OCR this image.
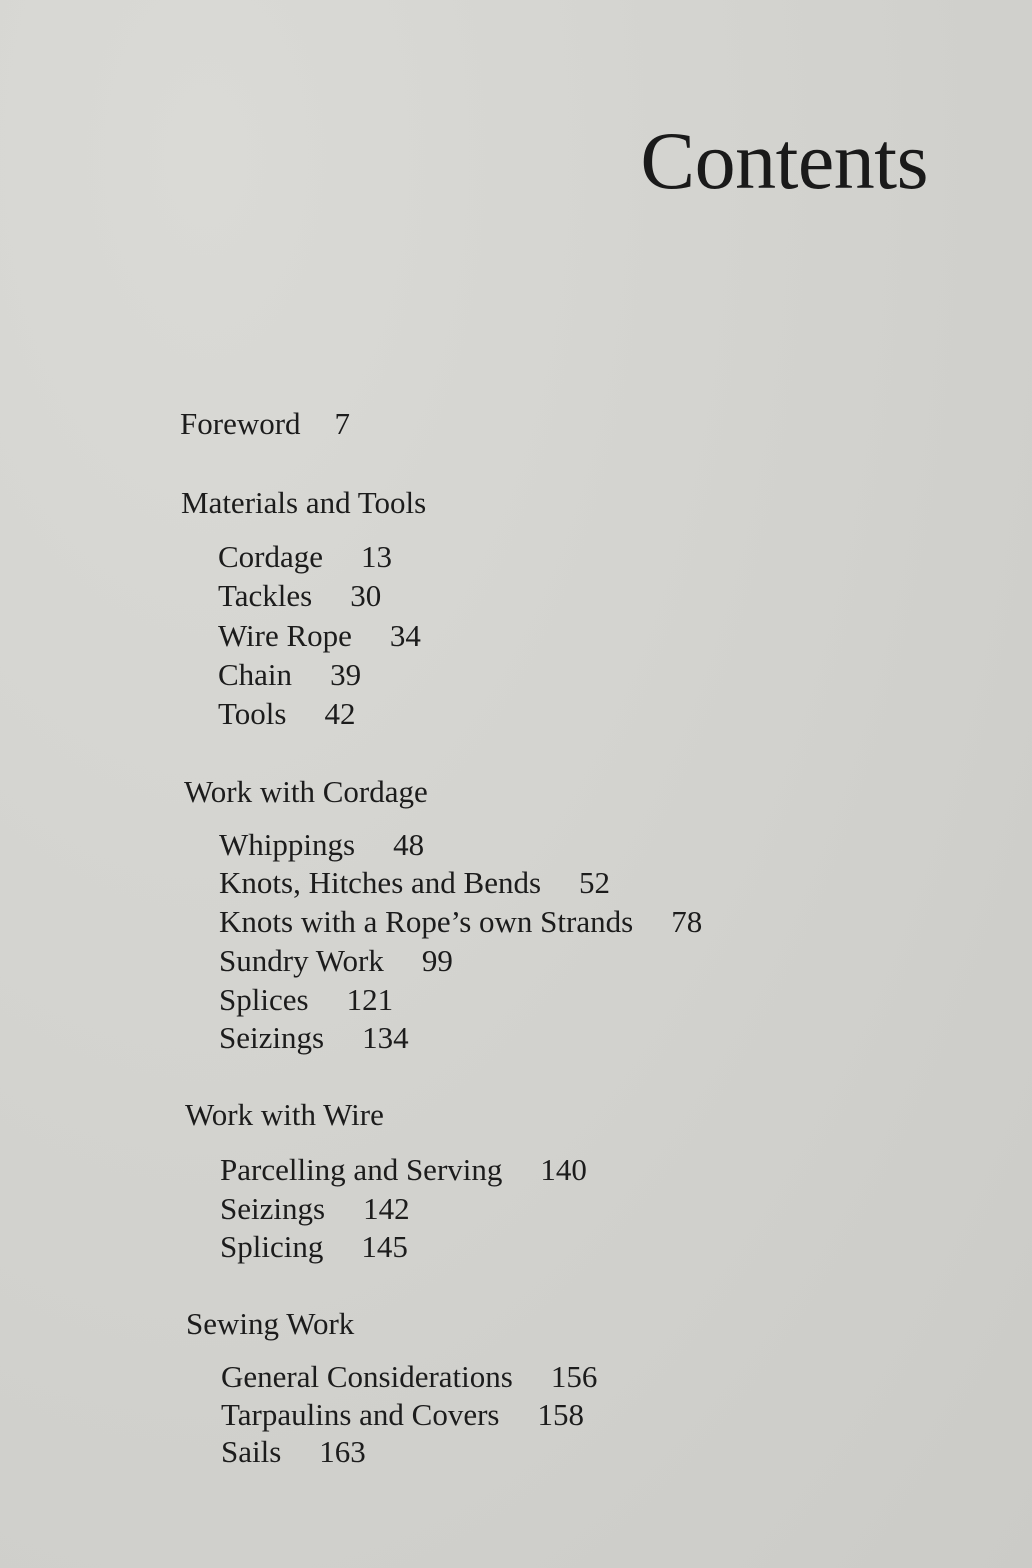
Contents
Foreword 7
Materials and Tools
Cordage 13
Tackles 30
Wire Rope 34
Chain 39
Tools 42
Work with Cordage
Whippings 48
Knots, Hitches and Bends 52
Knots with a Rope’s own Strands 78
Sundry Work 99
Splices 121
Seizings 134
Work with Wire
Parcelling and Serving 140
Seizings 142
Splicing 145
Sewing Work
General Considerations 156
Tarpaulins and Covers 158
Sails 163
